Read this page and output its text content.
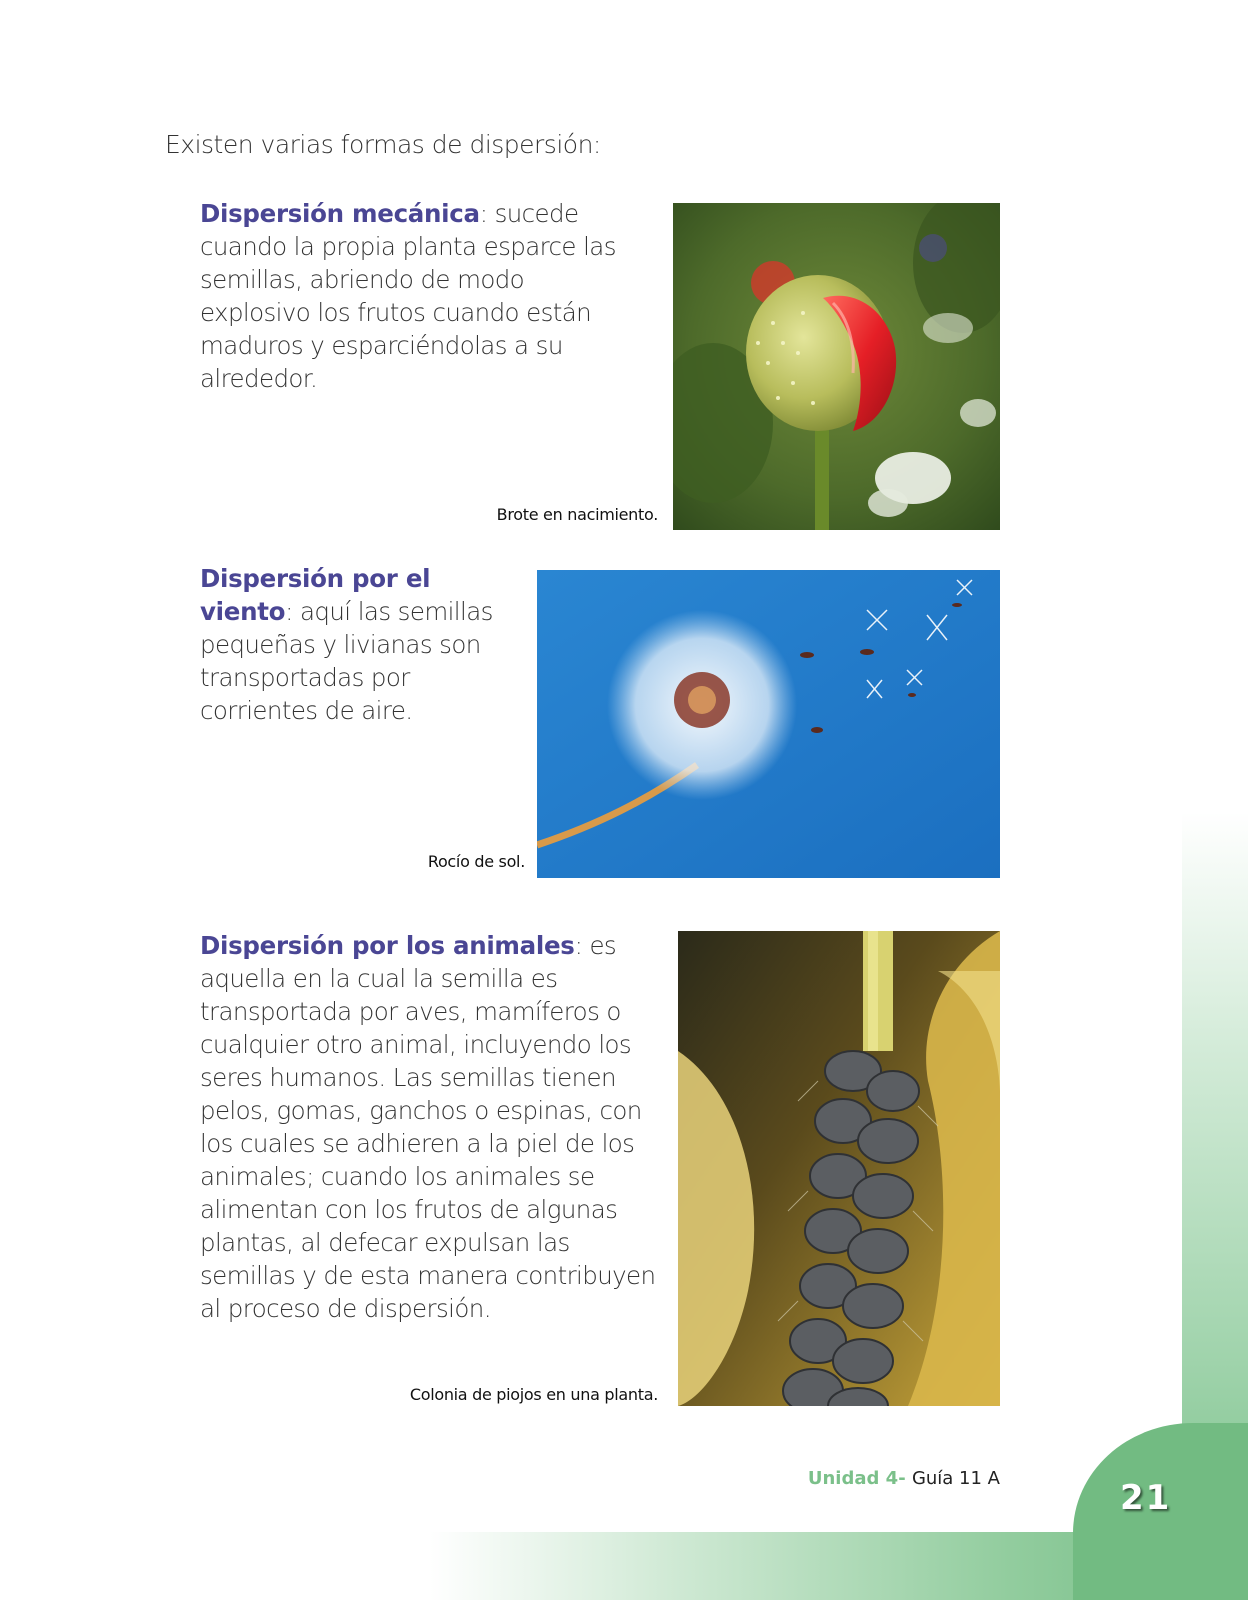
21

Existen varias formas de dispersión:

Dispersión mecánica: sucede cuando la propia planta esparce las semillas, abriendo de modo explosivo los frutos cuando están maduros y esparciéndolas a su alrededor.

Brote en nacimiento.

Dispersión por el viento: aquí las semillas pequeñas y livianas son transportadas por corrientes de aire.

Rocío de sol.

Dispersión por los animales: es aquella en la cual la semilla es transportada por aves, mamíferos o cualquier otro animal, incluyendo los seres humanos. Las semillas tienen pelos, gomas, ganchos o espinas, con los cuales se adhieren a la piel de los animales; cuando los animales se alimentan con los frutos de algunas plantas, al defecar expulsan las semillas y de esta manera contribuyen al proceso de dispersión.

Colonia de piojos en una planta.
Unidad 4- Guía 11 A
